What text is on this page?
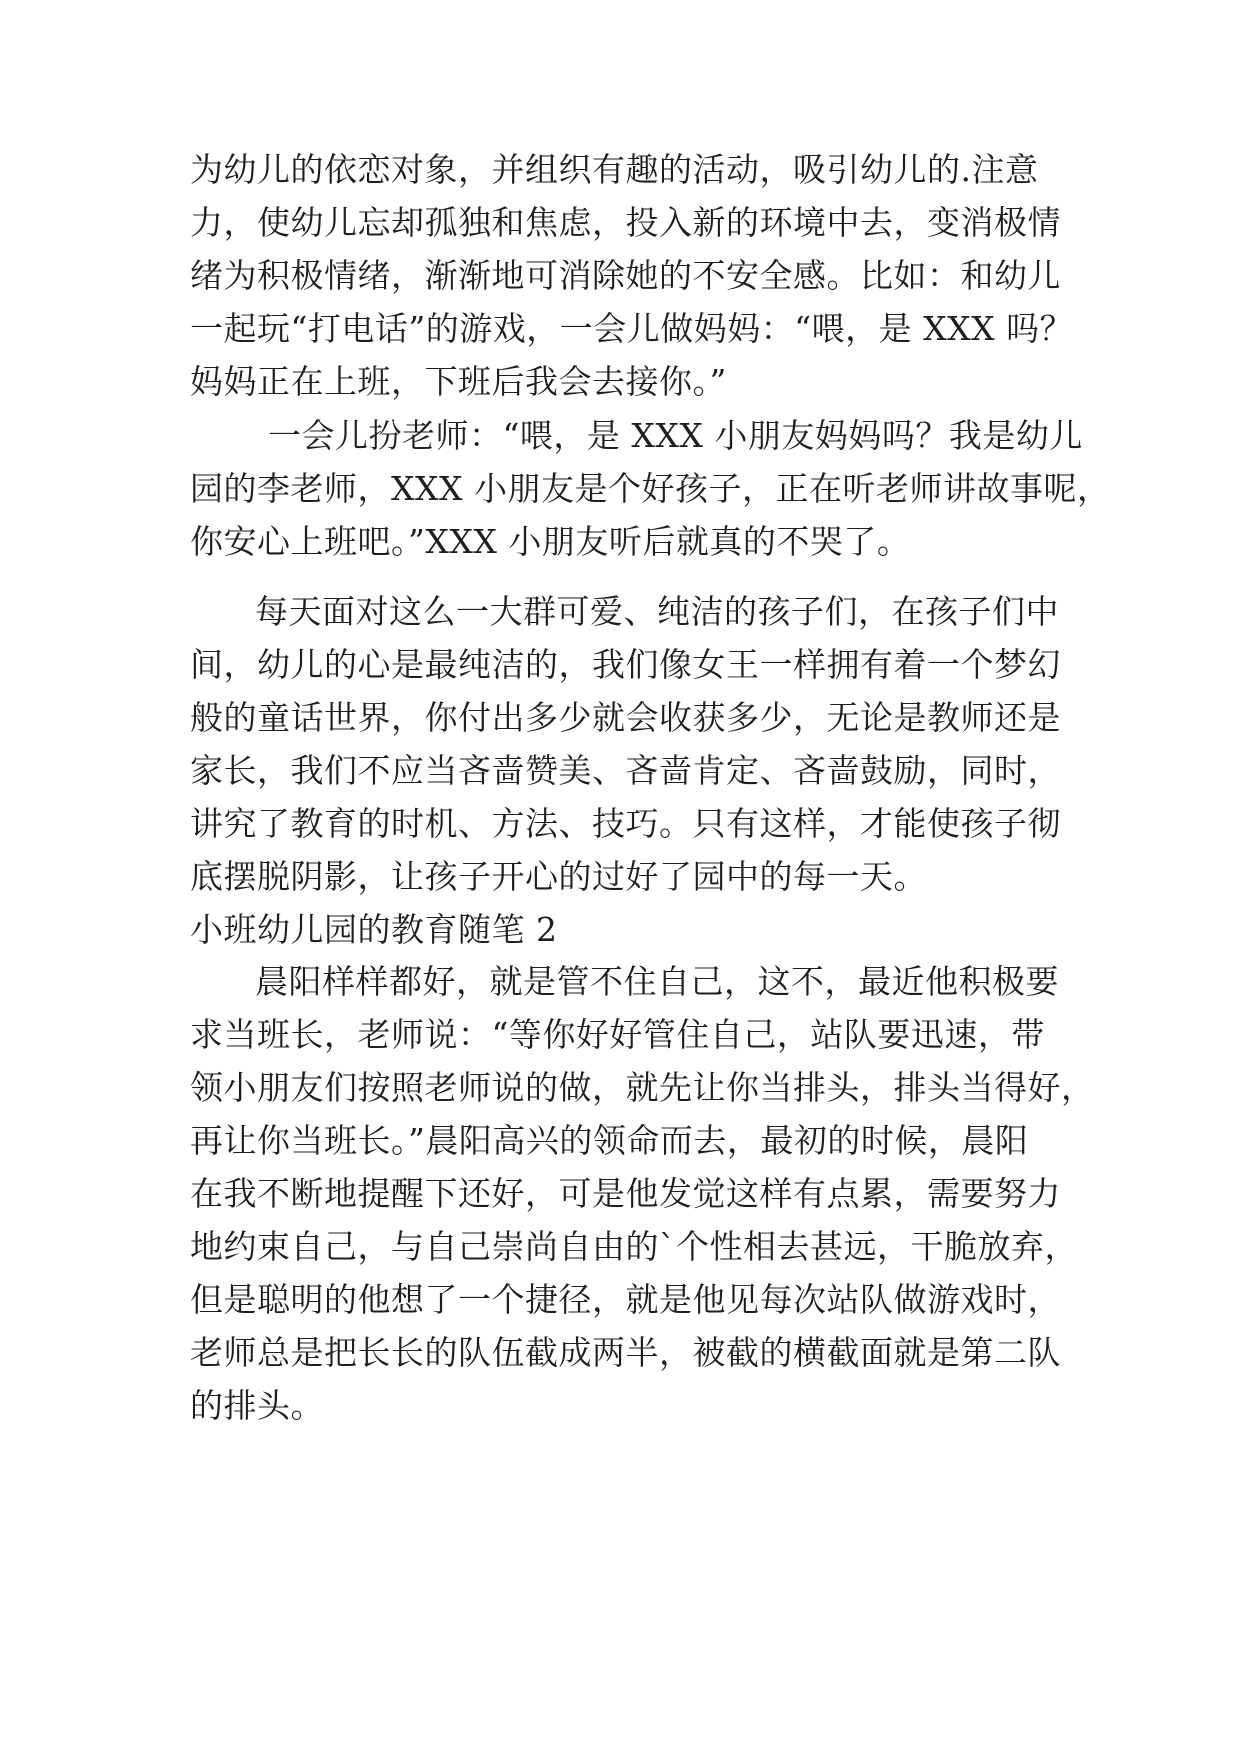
为幼儿的依恋对象，并组织有趣的活动，吸引幼儿的.注意
力，使幼儿忘却孤独和焦虑，投入新的环境中去，变消极情
绪为积极情绪，渐渐地可消除她的不安全感。比如：和幼儿
一起玩“打电话”的游戏，一会儿做妈妈：“喂，是 XXX 吗？
妈妈正在上班，下班后我会去接你。”
一会儿扮老师：“喂，是 XXX 小朋友妈妈吗？我是幼儿
园的李老师，XXX 小朋友是个好孩子，正在听老师讲故事呢，
你安心上班吧。”XXX 小朋友听后就真的不哭了。
每天面对这么一大群可爱、纯洁的孩子们，在孩子们中
间，幼儿的心是最纯洁的，我们像女王一样拥有着一个梦幻
般的童话世界，你付出多少就会收获多少，无论是教师还是
家长，我们不应当吝啬赞美、吝啬肯定、吝啬鼓励，同时，
讲究了教育的时机、方法、技巧。只有这样，才能使孩子彻
底摆脱阴影，让孩子开心的过好了园中的每一天。
小班幼儿园的教育随笔 2
晨阳样样都好，就是管不住自己，这不，最近他积极要
求当班长，老师说：“等你好好管住自己，站队要迅速，带
领小朋友们按照老师说的做，就先让你当排头，排头当得好，
再让你当班长。”晨阳高兴的领命而去，最初的时候，晨阳
在我不断地提醒下还好，可是他发觉这样有点累，需要努力
地约束自己，与自己崇尚自由的`个性相去甚远，干脆放弃，
但是聪明的他想了一个捷径，就是他见每次站队做游戏时，
老师总是把长长的队伍截成两半，被截的横截面就是第二队
的排头。
